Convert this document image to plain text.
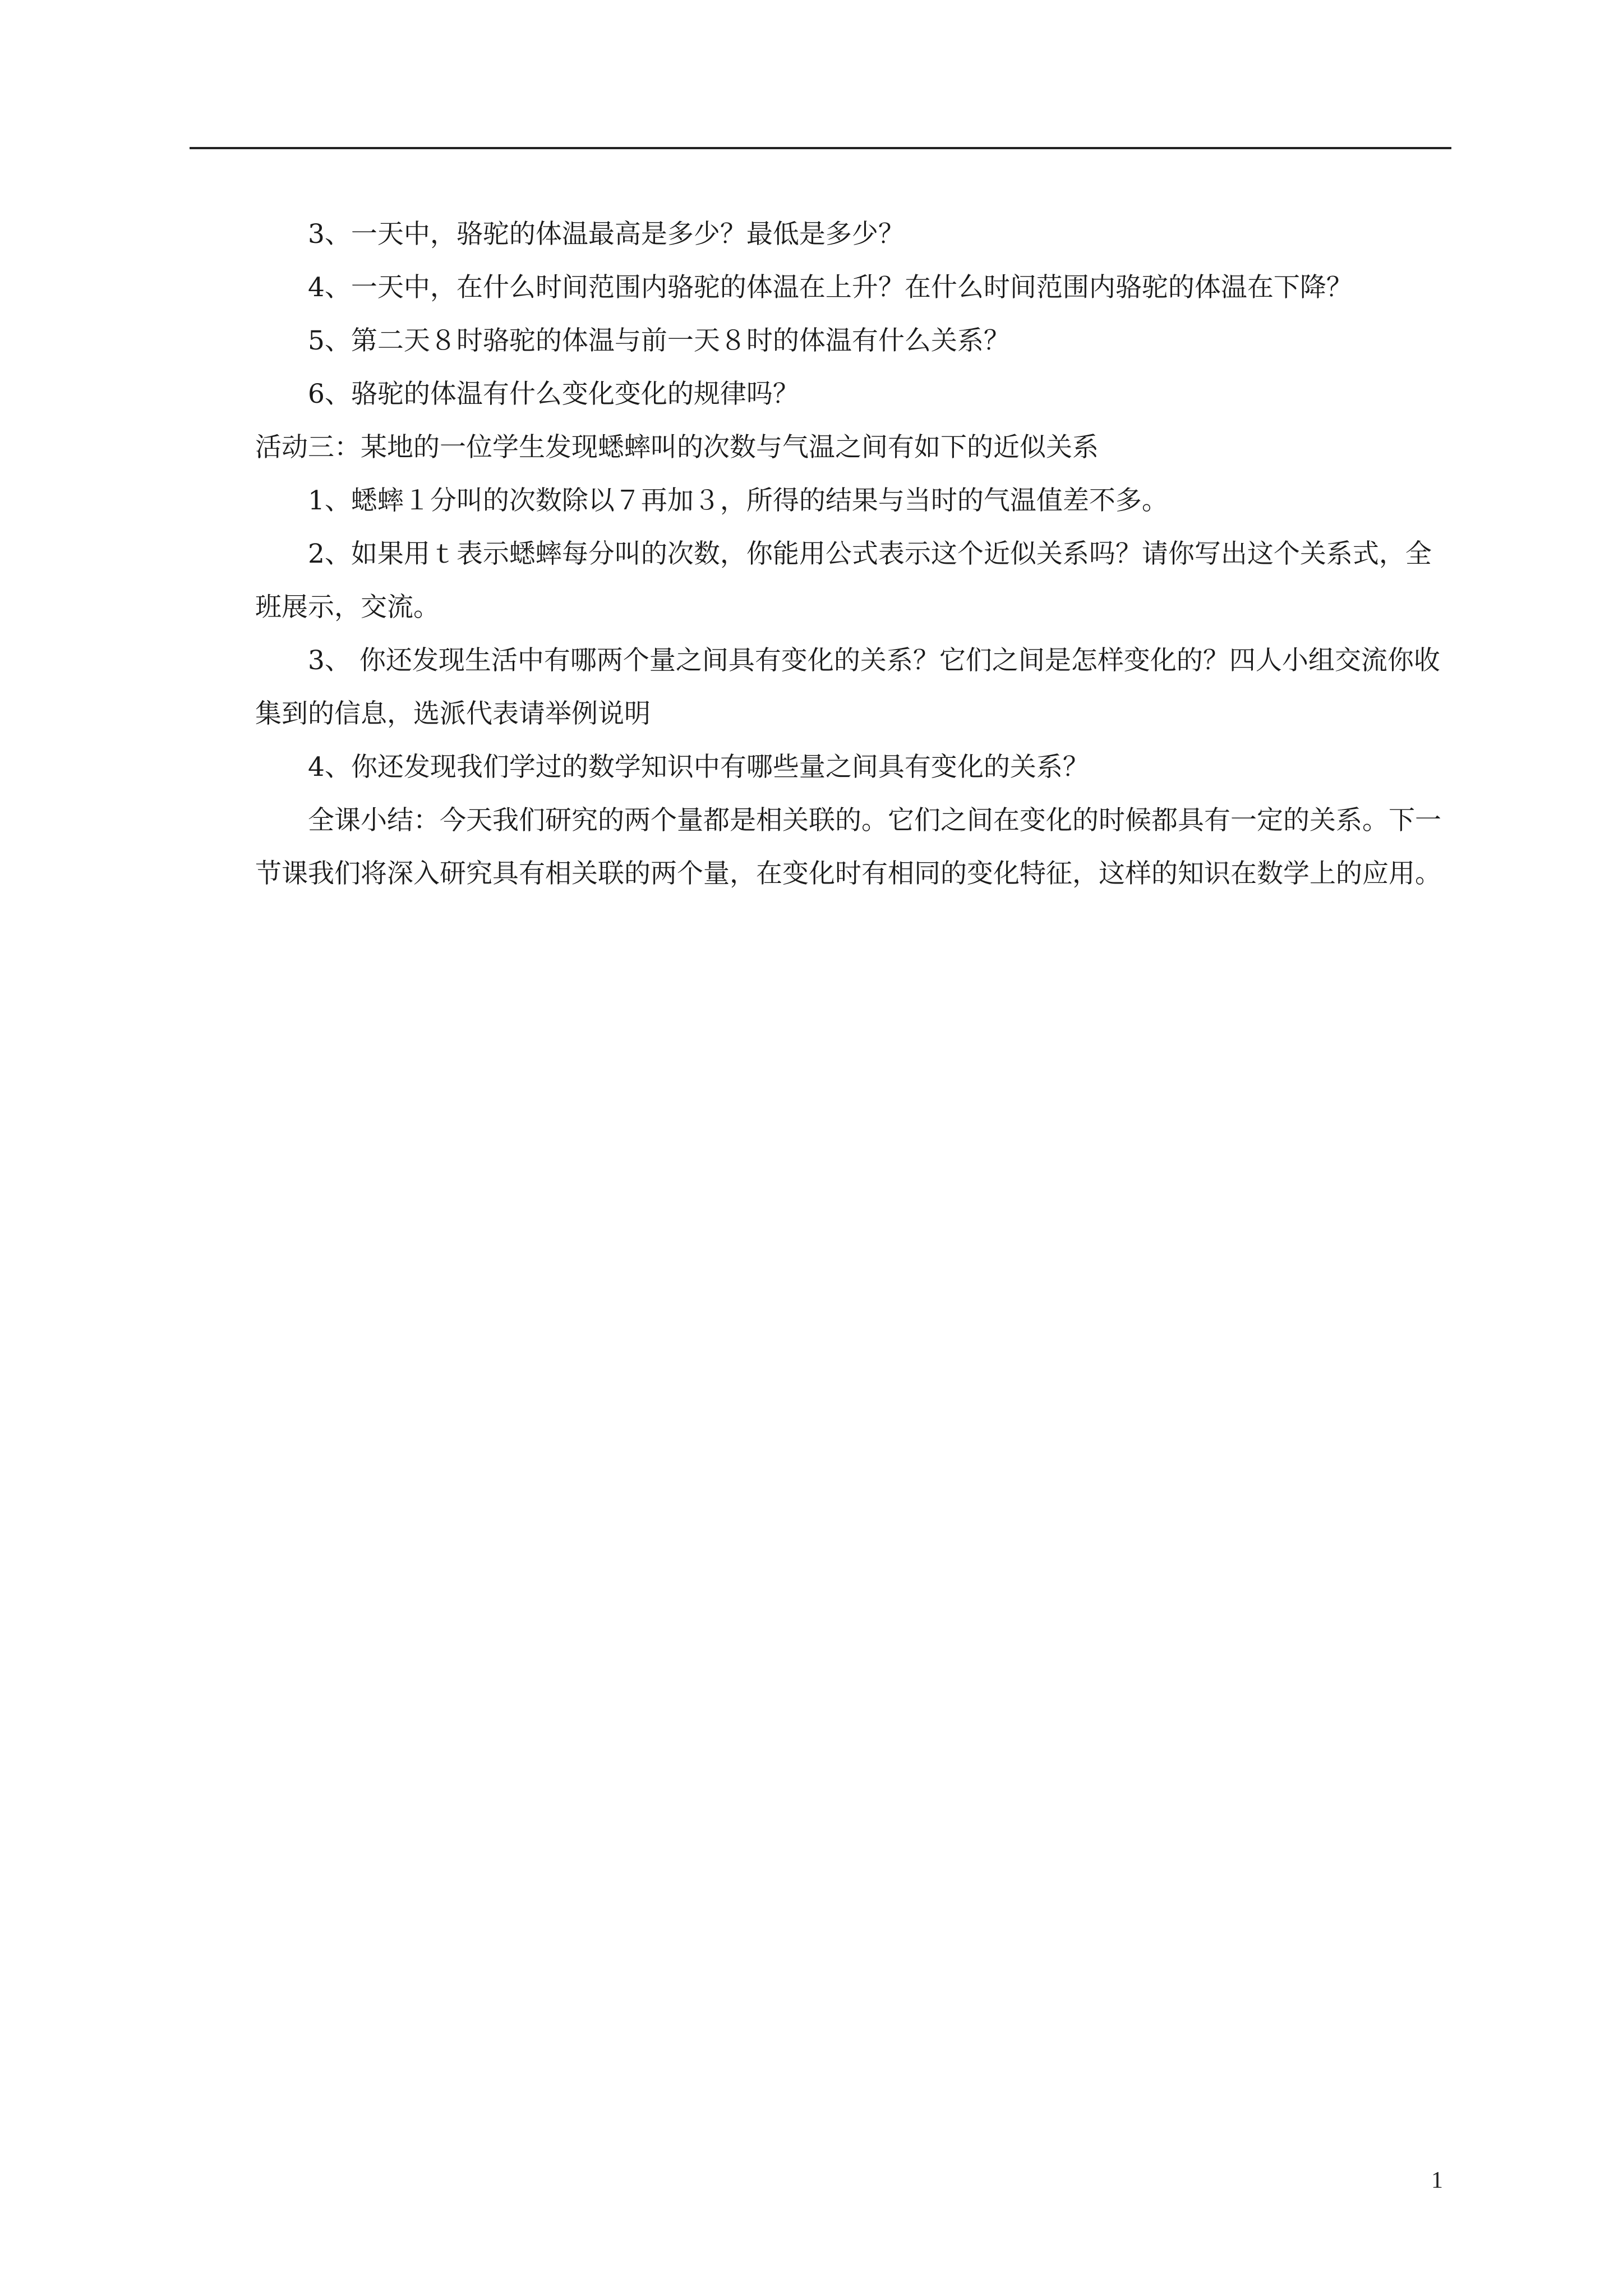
3、一天中，骆驼的体温最高是多少？最低是多少？

4、一天中，在什么时间范围内骆驼的体温在上升？在什么时间范围内骆驼的体温在下降？

5、第二天８时骆驼的体温与前一天８时的体温有什么关系？

6、骆驼的体温有什么变化变化的规律吗？

活动三：某地的一位学生发现蟋蟀叫的次数与气温之间有如下的近似关系

1、蟋蟀１分叫的次数除以７再加３，所得的结果与当时的气温值差不多。

2、如果用ｔ表示蟋蟀每分叫的次数，你能用公式表示这个近似关系吗？请你写出这个关系式，全班展示，交流。

3、 你还发现生活中有哪两个量之间具有变化的关系？它们之间是怎样变化的？四人小组交流你收集到的信息，选派代表请举例说明

4、你还发现我们学过的数学知识中有哪些量之间具有变化的关系？

全课小结：今天我们研究的两个量都是相关联的。它们之间在变化的时候都具有一定的关系。下一节课我们将深入研究具有相关联的两个量，在变化时有相同的变化特征，这样的知识在数学上的应用。

1
